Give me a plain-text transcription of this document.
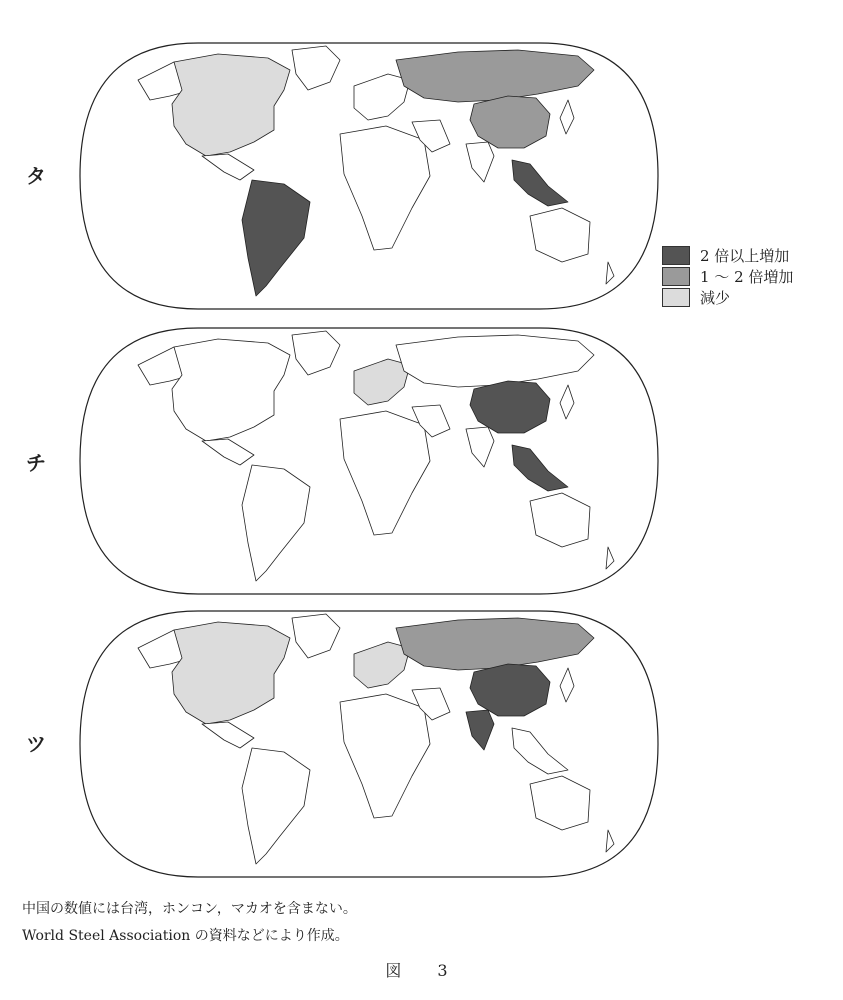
タ
チ
ツ
2 倍以上増加
1 ～ 2 倍増加
減少
中国の数値には台湾，ホンコン，マカオを含まない。
World Steel Association の資料などにより作成。
図　3
